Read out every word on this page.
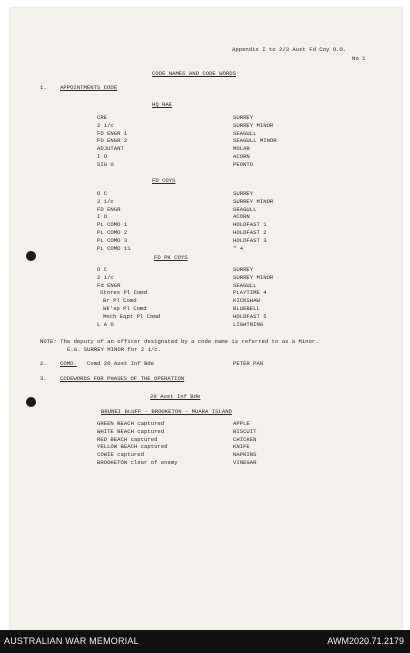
Appendix I to 2/3 Aust Fd Coy O.O.
No 1
CODE NAMES AND CODE WORDS
1. APPOINTMENTS CODE
HQ RAE
CRE	SURREY
2 i/c	SURREY MINOR
FD ENGR 1	SEAGULL
FD ENGR 2	SEAGULL MINOR
ADJUTANT	MOLAR
I O	ACORN
SIG O	PEONTO
FD COYS
O C	SURREY
2 i/c	SURREY MINOR
FD ENGR	SEAGULL
I O	ACORN
PL COMD 1	HOLDFAST 1
PL COMD 2	HOLDFAST 2
PL COMD 3	HOLDFAST 3
PL COMD 11	" 4
FD PK COYS
O C	SURREY
2 i/c	SURREY MINOR
Fd ENGR	SEAGULL
Stores Pl Comd	PLAYTIME 4
Br Pl Comd	KICKSHAW
Wk'sp Pl Comd	BLUEBELL
Mech Eqpt Pl Comd	HOLDFAST 5
L A D	LIGHTNING
NOTE: The deputy of an officer designated by a code name is referred to as a Minor.
E.G. SURREY MINOR for 2 i/c.
2. COMD. Comd 20 Aust Inf Bde	PETER PAN
3. CODEWORDS FOR PHASES OF THE OPERATION
20 Aust Inf Bde
BRUNEI BLUFF - BROOKETON - MUARA ISLAND
GREEN BEACH captured	APPLE
WHITE BEACH captured	BISCUIT
RED BEACH captured	CHICKEN
YELLOW BEACH captured	KNIFE
COWIE captured	NAPKINS
BROOKETON clear of enemy	VINEGAR
AUSTRALIAN WAR MEMORIAL	AWM2020.71.2179
